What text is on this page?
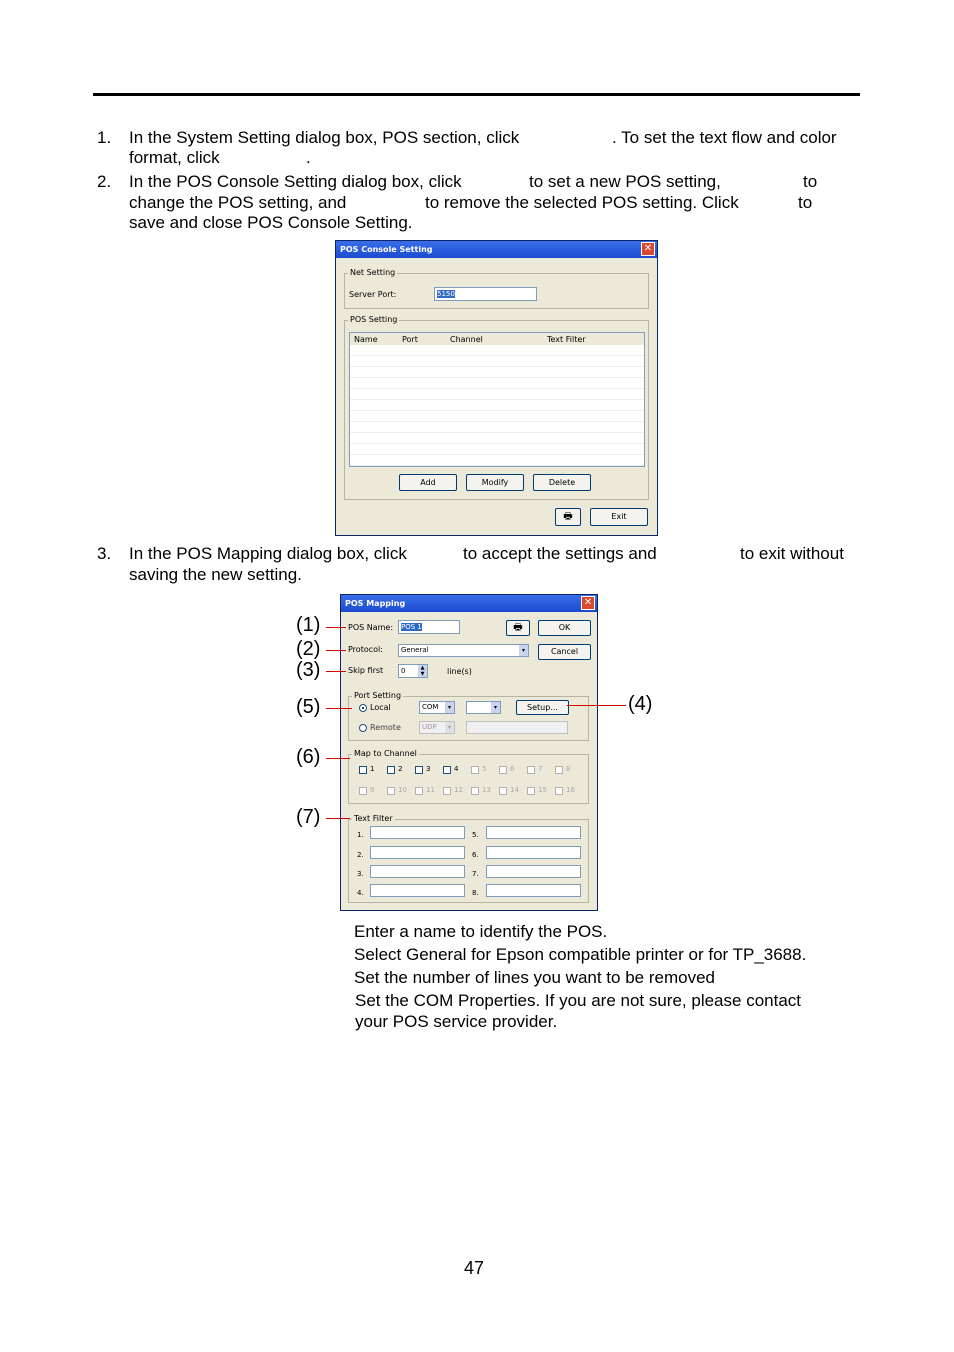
1. In the System Setting dialog box, POS section, click	. To set the text flow and color
format, click	.
2. In the POS Console Setting dialog box, click	to set a new POS setting,	to
change the POS setting, and	to remove the selected POS setting. Click	to
save and close POS Console Setting.
POS Console Setting	✕
Net Setting
Server Port:	5150
POS Setting
Name	Port	Channel	Text Filter
Add	Modify	Delete
🖶	Exit
3. In the POS Mapping dialog box, click	to accept the settings and	to exit without
saving the new setting.
POS Mapping	✕
POS Name:	POS 1	🖶	OK
Protocol:	General	▾	Cancel
Skip first	0	▲
▼	line(s)
Port Setting
Local	COM	▾	▾	Setup...
Remote	UDP	▾
Map to Channel
Text Filter
1.
2.
3.
4.
5.
6.
7.
8.
1	2	3	4	5	6	7	8
9	10	11	12	13	14	15	16
(1)
(2)
(3)
(5)
(6)
(7)
(4)
Enter a name to identify the POS.
Select General for Epson compatible printer or for TP_3688.
Set the number of lines you want to be removed
Set the COM Properties. If you are not sure, please contact
your POS service provider.
47
